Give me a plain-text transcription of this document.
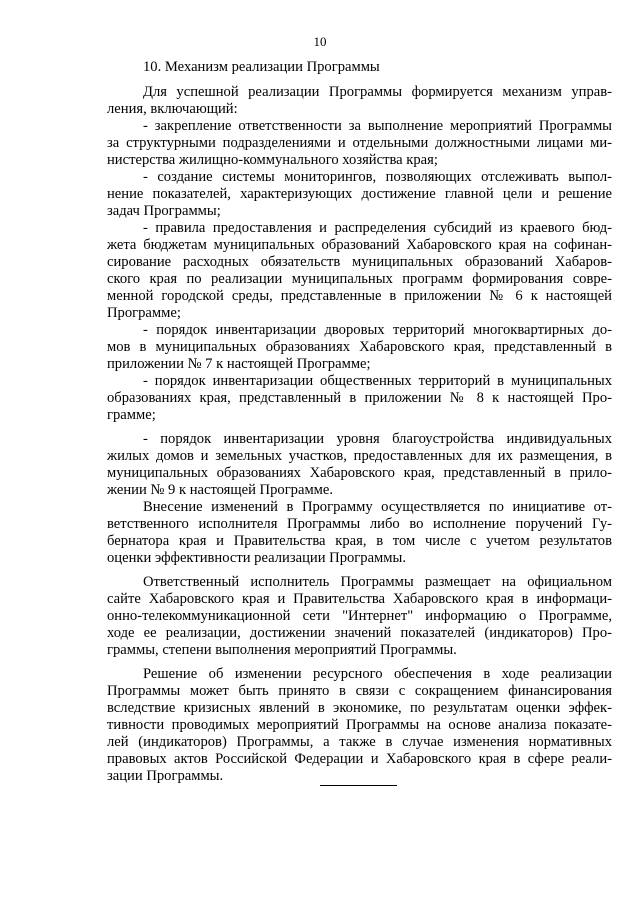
10
10. Механизм реализации Программы
Для успешной реализации Программы формируется механизм управ-
ления, включающий:
- закрепление ответственности за выполнение мероприятий Программы
за структурными подразделениями и отдельными должностными лицами ми-
нистерства жилищно-коммунального хозяйства края;
- создание системы мониторингов, позволяющих отслеживать выпол-
нение показателей, характеризующих достижение главной цели и решение
задач Программы;
- правила предоставления и распределения субсидий из краевого бюд-
жета бюджетам муниципальных образований Хабаровского края на софинан-
сирование расходных обязательств муниципальных образований Хабаров-
ского края по реализации муниципальных программ формирования совре-
менной городской среды, представленные в приложении № 6 к настоящей
Программе;
- порядок инвентаризации дворовых территорий многоквартирных до-
мов в муниципальных образованиях Хабаровского края, представленный в
приложении № 7 к настоящей Программе;
- порядок инвентаризации общественных территорий в муниципальных
образованиях края, представленный в приложении № 8 к настоящей Про-
грамме;
- порядок инвентаризации уровня благоустройства индивидуальных
жилых домов и земельных участков, предоставленных для их размещения, в
муниципальных образованиях Хабаровского края, представленный в прило-
жении № 9 к настоящей Программе.
Внесение изменений в Программу осуществляется по инициативе от-
ветственного исполнителя Программы либо во исполнение поручений Гу-
бернатора края и Правительства края, в том числе с учетом результатов
оценки эффективности реализации Программы.
Ответственный исполнитель Программы размещает на официальном
сайте Хабаровского края и Правительства Хабаровского края в информаци-
онно-телекоммуникационной сети "Интернет" информацию о Программе,
ходе ее реализации, достижении значений показателей (индикаторов) Про-
граммы, степени выполнения мероприятий Программы.
Решение об изменении ресурсного обеспечения в ходе реализации
Программы может быть принято в связи с сокращением финансирования
вследствие кризисных явлений в экономике, по результатам оценки эффек-
тивности проводимых мероприятий Программы на основе анализа показате-
лей (индикаторов) Программы, а также в случае изменения нормативных
правовых актов Российской Федерации и Хабаровского края в сфере реали-
зации Программы.
